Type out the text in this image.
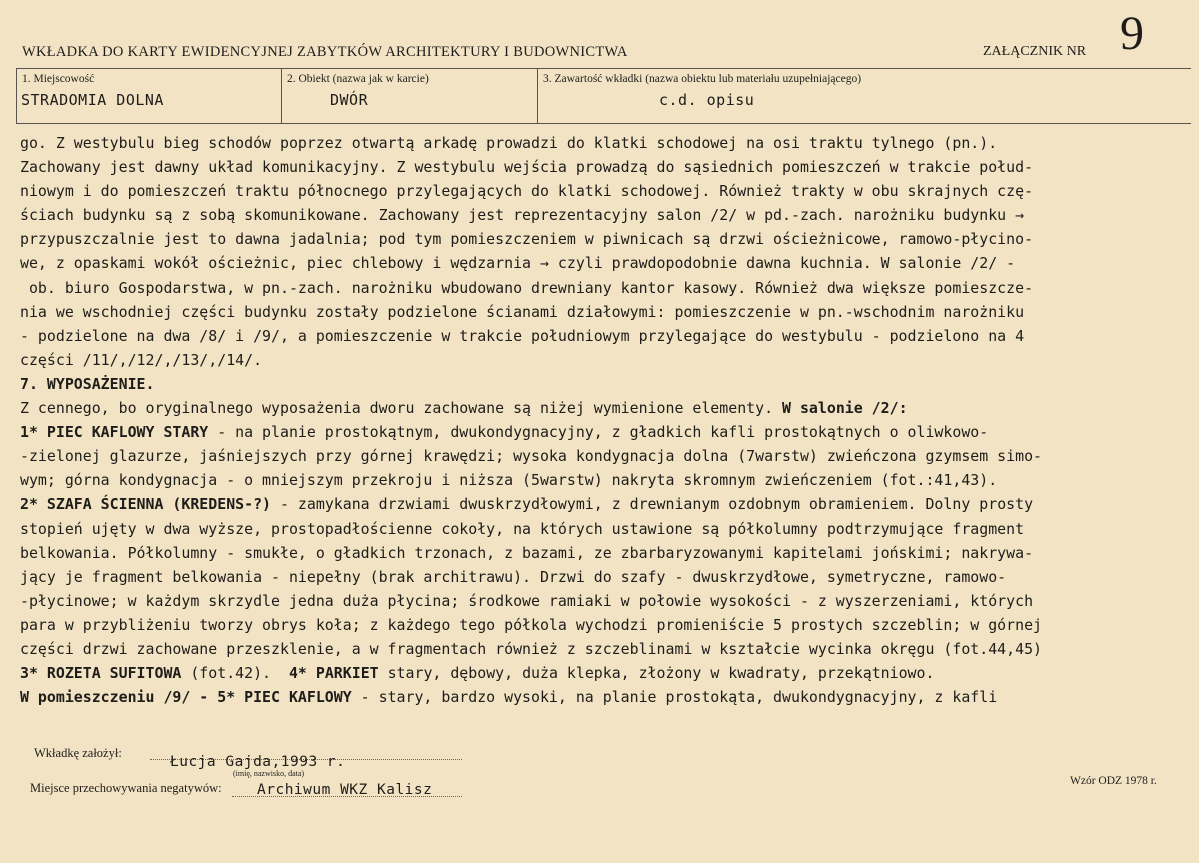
WKŁADKA DO KARTY EWIDENCYJNEJ ZABYTKÓW ARCHITEKTURY I BUDOWNICTWA	ZAŁĄCZNIK NR 9
1. Miejscowość
STRADOMIA DOLNA
2. Obiekt (nazwa jak w karcie)
DWÓR
3. Zawartość wkładki (nazwa obiektu lub materiału uzupełniającego)
c.d. opisu
go. Z westybulu bieg schodów poprzez otwartą arkadę prowadzi do klatki schodowej na osi traktu tylnego (pn.).
Zachowany jest dawny układ komunikacyjny. Z westybulu wejścia prowadzą do sąsiednich pomieszczeń w trakcie połud-
niowym i do pomieszczeń traktu północnego przylegających do klatki schodowej. Również trakty w obu skrajnych czę-
ściach budynku są z sobą skomunikowane. Zachowany jest reprezentacyjny salon /2/ w pd.-zach. narożniku budynku →
przypuszczalnie jest to dawna jadalnia; pod tym pomieszczeniem w piwnicach są drzwi ościeżnicowe, ramowo-płycino-
we, z opaskami wokół ościeżnic, piec chlebowy i wędzarnia → czyli prawdopodobnie dawna kuchnia. W salonie /2/ -
ob. biuro Gospodarstwa, w pn.-zach. narożniku wbudowano drewniany kantor kasowy. Również dwa większe pomieszcze-
nia we wschodniej części budynku zostały podzielone ścianami działowymi: pomieszczenie w pn.-wschodnim narożniku
- podzielone na dwa /8/ i /9/, a pomieszczenie w trakcie południowym przylegające do westybulu - podzielono na 4
części /11/,/12/,/13/,/14/.
7. WYPOSAŻENIE.
Z cennego, bo oryginalnego wyposażenia dworu zachowane są niżej wymienione elementy. W salonie /2/:
1* PIEC KAFLOWY STARY - na planie prostokątnym, dwukondygnacyjny, z gładkich kafli prostokątnych o oliwkowo-
-zielonej glazurze, jaśniejszych przy górnej krawędzi; wysoka kondygnacja dolna (7warstw) zwieńczona gzymsem simo-
wym; górna kondygnacja - o mniejszym przekroju i niższa (5warstw) nakryta skromnym zwieńczeniem (fot.:41,43).
2* SZAFA ŚCIENNA (KREDENS-?) - zamykana drzwiami dwuskrzydłowymi, z drewnianym ozdobnym obramieniem. Dolny prosty
stopień ujęty w dwa wyższe, prostopadłościenne cokoły, na których ustawione są półkolumny podtrzymujące fragment
belkowania. Półkolumny - smukłe, o gładkich trzonach, z bazami, ze zbarbaryzowanymi kapitelami jońskimi; nakrywa-
jący je fragment belkowania - niepełny (brak architrawu). Drzwi do szafy - dwuskrzydłowe, symetryczne, ramowo-
-płycinowe; w każdym skrzydle jedna duża płycina; środkowe ramiaki w połowie wysokości - z wyszerzeniami, których
para w przybliżeniu tworzy obrys koła; z każdego tego półkola wychodzi promieniście 5 prostych szczeblin; w górnej
części drzwi zachowane przeszklenie, a w fragmentach również z szczeblinami w kształcie wycinka okręgu (fot.44,45)
3* ROZETA SUFITOWA (fot.42).  4* PARKIET stary, dębowy, duża klepka, złożony w kwadraty, przekątniowo.
W pomieszczeniu /9/ - 5* PIEC KAFLOWY - stary, bardzo wysoki, na planie prostokąta, dwukondygnacyjny, z kafli
Wkładkę założył:
Łucja Gajda,1993 r.
(imię, nazwisko, data)
Miejsce przechowywania negatywów: Archiwum WKZ Kalisz
Wzór ODZ 1978 r.
